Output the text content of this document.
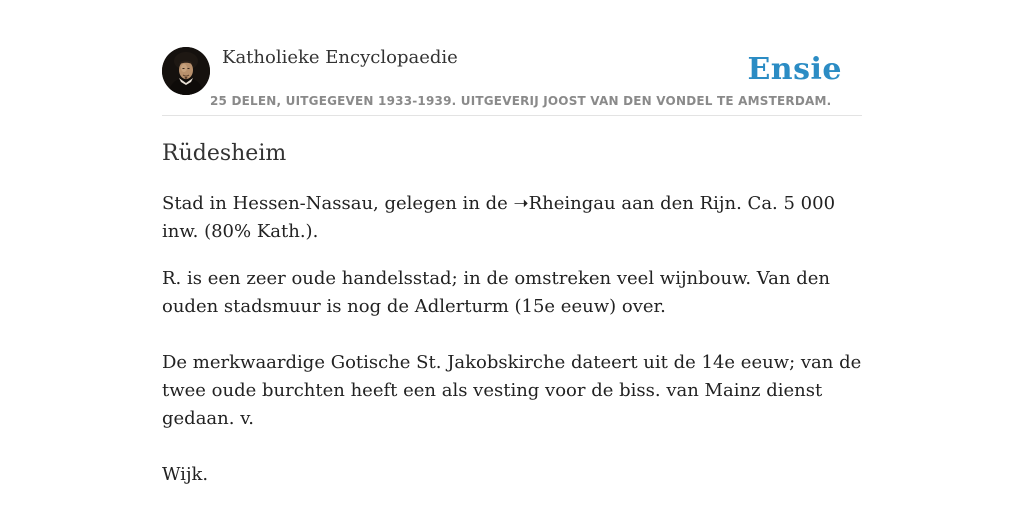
Katholieke Encyclopaedie	Ensie
25 DELEN, UITGEGEVEN 1933-1939. UITGEVERIJ JOOST VAN DEN VONDEL TE AMSTERDAM.
Rüdesheim

Stad in Hessen-Nassau, gelegen in de ➝Rheingau aan den Rijn. Ca. 5 000 inw. (80% Kath.).

R. is een zeer oude handelsstad; in de omstreken veel wijnbouw. Van den ouden stadsmuur is nog de Adlerturm (15e eeuw) over.

De merkwaardige Gotische St. Jakobskirche dateert uit de 14e eeuw; van de twee oude burchten heeft een als vesting voor de biss. van Mainz dienst gedaan. v.

Wijk.
